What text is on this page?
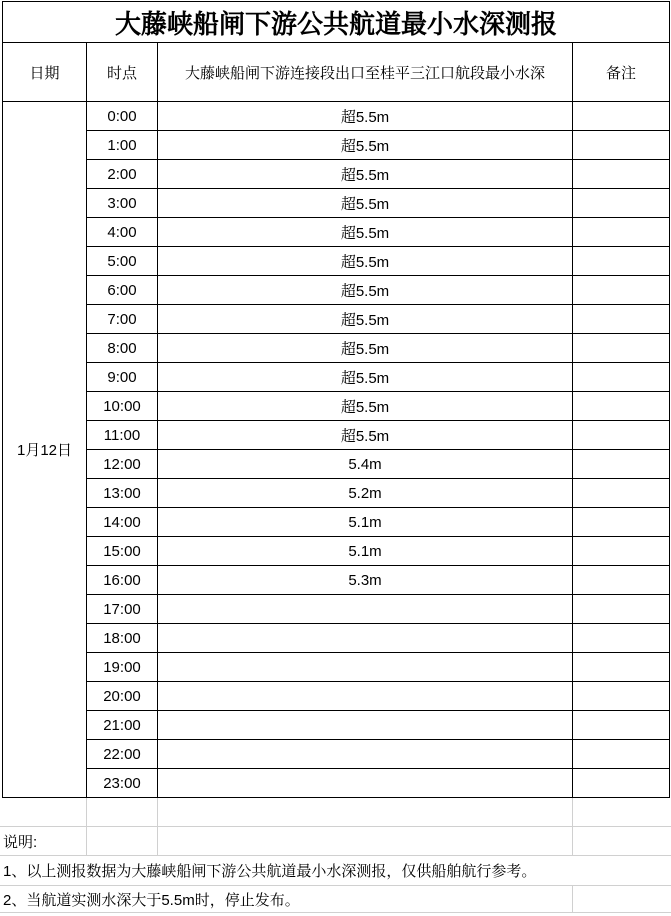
大藤峡船闸下游公共航道最小水深测报			
日期	时点	大藤峡船闸下游连接段出口至桂平三江口航段最小水深	备注
1月12日	0:00	超5.5m	
	1:00	超5.5m	
	2:00	超5.5m	
	3:00	超5.5m	
	4:00	超5.5m	
	5:00	超5.5m	
	6:00	超5.5m	
	7:00	超5.5m	
	8:00	超5.5m	
	9:00	超5.5m	
	10:00	超5.5m	
	11:00	超5.5m	
	12:00	5.4m	
	13:00	5.2m	
	14:00	5.1m	
	15:00	5.1m	
	16:00	5.3m	
	17:00		
	18:00		
	19:00		
	20:00		
	21:00		
	22:00		
	23:00		

说明:			
1、以上测报数据为大藤峡船闸下游公共航道最小水深测报，仅供船舶航行参考。			
2、当航道实测水深大于5.5m时，停止发布。			
